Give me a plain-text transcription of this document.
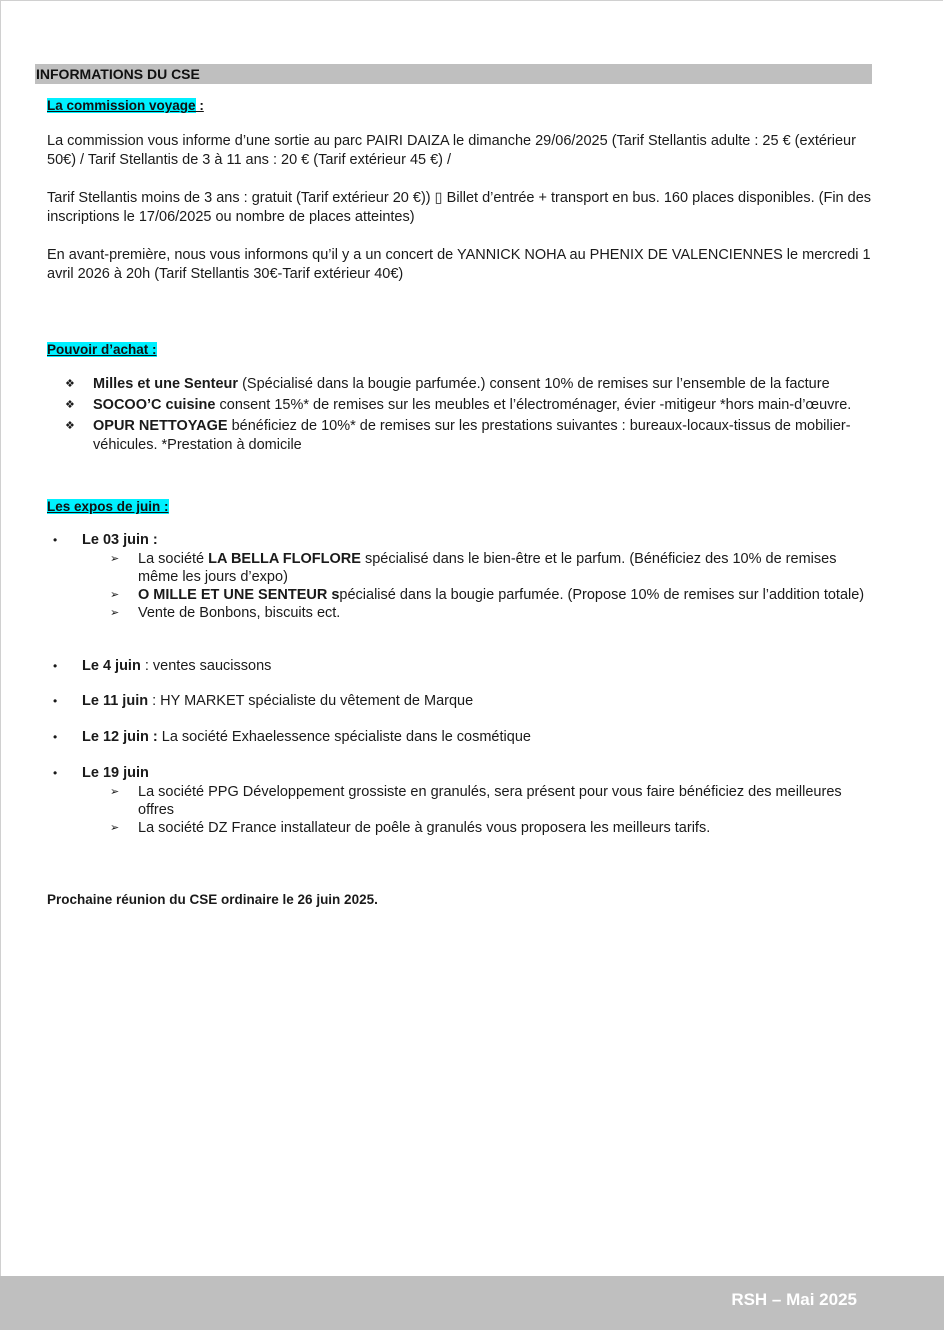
INFORMATIONS DU CSE
La commission voyage :
La commission vous informe d’une sortie au parc PAIRI DAIZA le dimanche 29/06/2025 (Tarif Stellantis adulte : 25 € (extérieur 50€) / Tarif Stellantis de 3 à 11 ans : 20 € (Tarif extérieur 45 €) /
Tarif Stellantis moins de 3 ans : gratuit (Tarif extérieur 20 €)) ▯ Billet d’entrée + transport en bus. 160 places disponibles. (Fin des inscriptions le 17/06/2025 ou nombre de places atteintes)
En avant-première, nous vous informons qu’il y a un concert de YANNICK NOHA au PHENIX DE VALENCIENNES le mercredi 1 avril 2026 à 20h (Tarif Stellantis 30€-Tarif extérieur 40€)
Pouvoir d’achat :
❖ Milles et une Senteur (Spécialisé dans la bougie parfumée.) consent 10% de remises sur l’ensemble de la facture
❖ SOCOO’C cuisine consent 15%* de remises sur les meubles et l’électroménager, évier -mitigeur *hors main-d’œuvre.
❖ OPUR NETTOYAGE bénéficiez de 10%* de remises sur les prestations suivantes : bureaux-locaux-tissus de mobilier-véhicules. *Prestation à domicile
Les expos de juin :
• Le 03 juin :
➢ La société LA BELLA FLOFLORE spécialisé dans le bien-être et le parfum. (Bénéficiez des 10% de remises même les jours d’expo)
➢ O MILLE ET UNE SENTEUR spécialisé dans la bougie parfumée. (Propose 10% de remises sur l’addition totale)
➢ Vente de Bonbons, biscuits ect.
• Le 4 juin : ventes saucissons
• Le 11 juin : HY MARKET spécialiste du vêtement de Marque
• Le 12 juin : La société Exhaelessence spécialiste dans le cosmétique
• Le 19 juin
➢ La société PPG Développement grossiste en granulés, sera présent pour vous faire bénéficiez des meilleures offres
➢ La société DZ France installateur de poêle à granulés vous proposera les meilleurs tarifs.
Prochaine réunion du CSE ordinaire le 26 juin 2025.
RSH – Mai 2025
